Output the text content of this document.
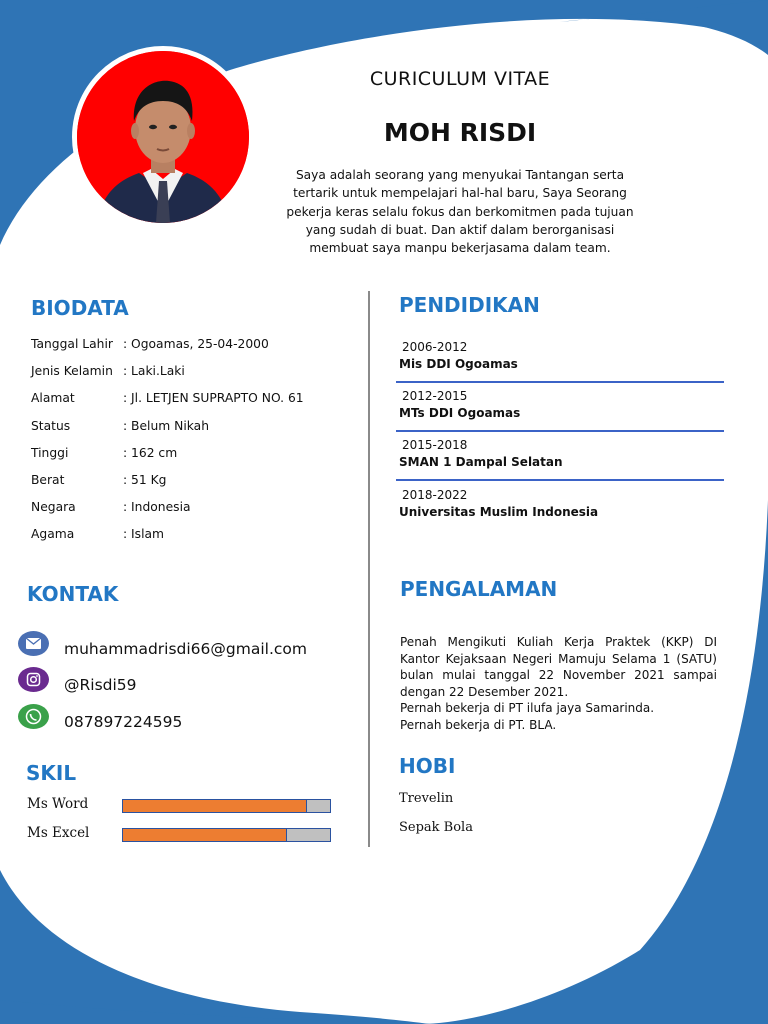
CURICULUM VITAE
MOH RISDI
Saya adalah seorang yang menyukai Tantangan serta tertarik untuk mempelajari hal-hal baru, Saya Seorang pekerja keras selalu fokus dan berkomitmen pada tujuan yang sudah di buat. Dan aktif dalam berorganisasi membuat saya manpu bekerjasama dalam team.
BIODATA
Tanggal Lahir : Ogoamas, 25-04-2000
Jenis Kelamin : Laki.Laki
Alamat	: Jl. LETJEN SUPRAPTO NO. 61
Status	: Belum Nikah
Tinggi	: 162 cm
Berat	: 51 Kg
Negara	: Indonesia
Agama	: Islam
PENDIDIKAN
2006-2012
Mis DDI Ogoamas
2012-2015
MTs DDI Ogoamas
2015-2018
SMAN 1 Dampal Selatan
2018-2022
Universitas Muslim Indonesia
KONTAK
muhammadrisdi66@gmail.com
@Risdi59
087897224595
SKIL
Ms Word
Ms Excel
PENGALAMAN

Penah Mengikuti Kuliah Kerja Praktek (KKP) DI Kantor Kejaksaan Negeri Mamuju Selama 1 (SATU) bulan mulai tanggal 22 November 2021 sampai dengan 22 Desember 2021.

Pernah bekerja di PT ilufa jaya Samarinda.

Pernah bekerja di PT. BLA.

HOBI
Trevelin
Sepak Bola
